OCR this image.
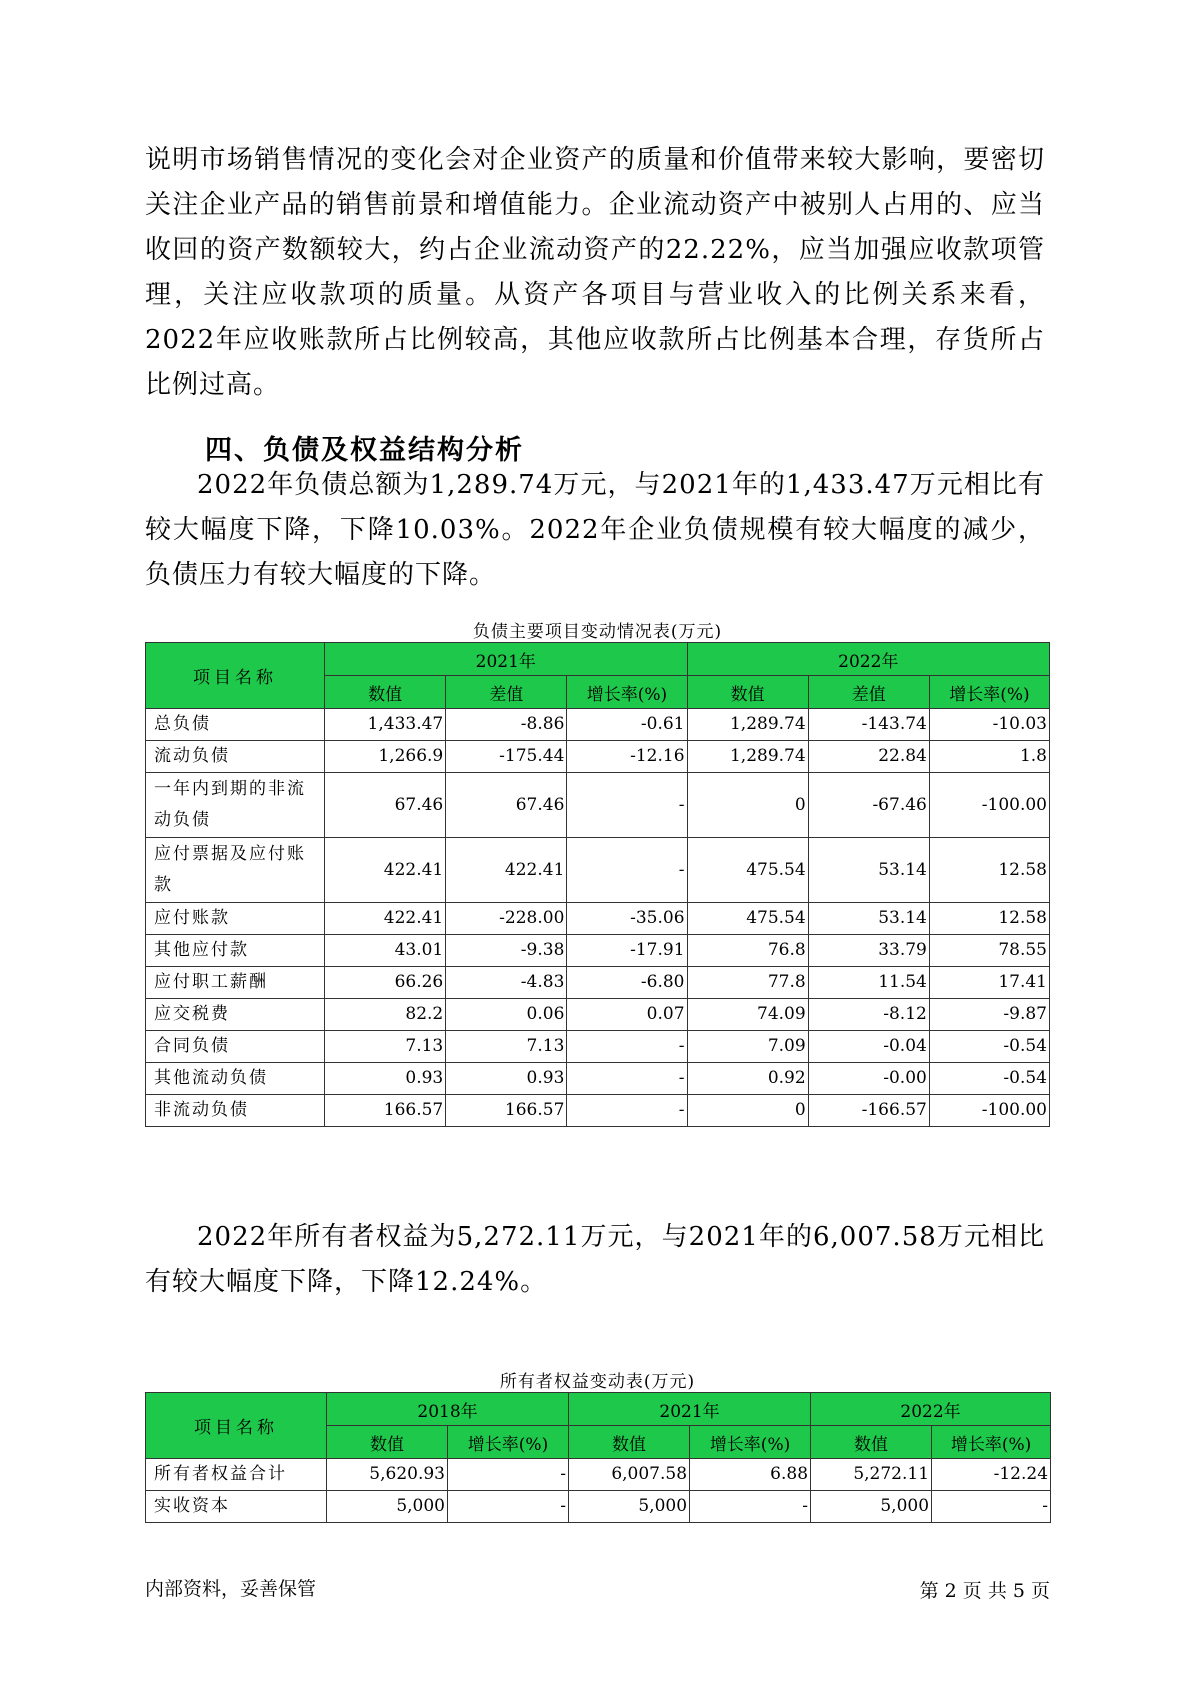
说明市场销售情况的变化会对企业资产的质量和价值带来较大影响，要密切关注企业产品的销售前景和增值能力。企业流动资产中被别人占用的、应当收回的资产数额较大，约占企业流动资产的22.22%，应当加强应收款项管理，关注应收款项的质量。从资产各项目与营业收入的比例关系来看，2022年应收账款所占比例较高，其他应收款所占比例基本合理，存货所占比例过高。

四、负债及权益结构分析

2022年负债总额为1,289.74万元，与2021年的1,433.47万元相比有较大幅度下降，下降10.03%。2022年企业负债规模有较大幅度的减少，负债压力有较大幅度的下降。

负债主要项目变动情况表(万元)
项目名称	2021年			2022年		
	数值	差值	增长率(%)	数值	差值	增长率(%)
总负债	1,433.47	-8.86	-0.61	1,289.74	-143.74	-10.03
流动负债	1,266.9	-175.44	-12.16	1,289.74	22.84	1.8
一年内到期的非流动负债	67.46	67.46	-	0	-67.46	-100.00
应付票据及应付账款	422.41	422.41	-	475.54	53.14	12.58
应付账款	422.41	-228.00	-35.06	475.54	53.14	12.58
其他应付款	43.01	-9.38	-17.91	76.8	33.79	78.55
应付职工薪酬	66.26	-4.83	-6.80	77.8	11.54	17.41
应交税费	82.2	0.06	0.07	74.09	-8.12	-9.87
合同负债	7.13	7.13	-	7.09	-0.04	-0.54
其他流动负债	0.93	0.93	-	0.92	-0.00	-0.54
非流动负债	166.57	166.57	-	0	-166.57	-100.00

2022年所有者权益为5,272.11万元，与2021年的6,007.58万元相比有较大幅度下降，下降12.24%。

所有者权益变动表(万元)
项目名称	2018年		2021年		2022年	
	数值	增长率(%)	数值	增长率(%)	数值	增长率(%)
所有者权益合计	5,620.93	-	6,007.58	6.88	5,272.11	-12.24
实收资本	5,000	-	5,000	-	5,000	-
内部资料，妥善保管	第 2 页 共 5 页
